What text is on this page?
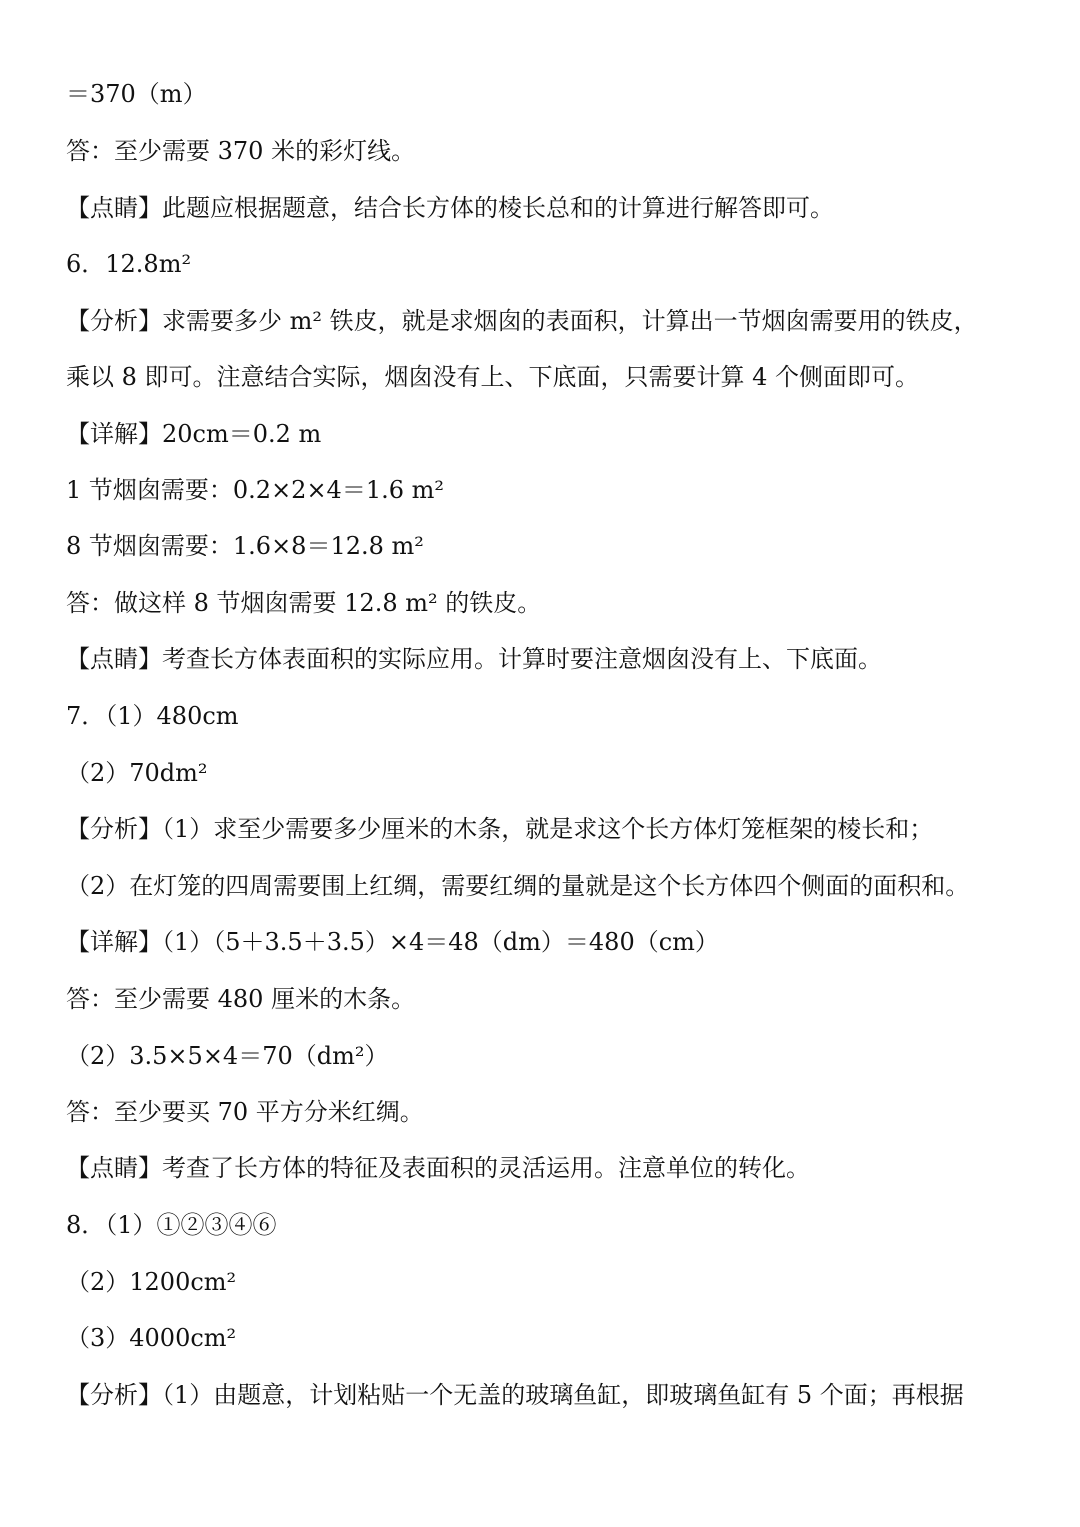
＝370（m）
答：至少需要 370 米的彩灯线。
【点睛】此题应根据题意，结合长方体的棱长总和的计算进行解答即可。
6．12.8m²
【分析】求需要多少 m² 铁皮，就是求烟囱的表面积，计算出一节烟囱需要用的铁皮，
乘以 8 即可。注意结合实际，烟囱没有上、下底面，只需要计算 4 个侧面即可。
【详解】20cm＝0.2 m
1 节烟囱需要：0.2×2×4＝1.6 m²
8 节烟囱需要：1.6×8＝12.8 m²
答：做这样 8 节烟囱需要 12.8 m² 的铁皮。
【点睛】考查长方体表面积的实际应用。计算时要注意烟囱没有上、下底面。
7．（1）480cm
（2）70dm²
【分析】（1）求至少需要多少厘米的木条，就是求这个长方体灯笼框架的棱长和；
（2）在灯笼的四周需要围上红绸，需要红绸的量就是这个长方体四个侧面的面积和。
【详解】（1）（5＋3.5＋3.5）×4＝48（dm）＝480（cm）
答：至少需要 480 厘米的木条。
（2）3.5×5×4＝70（dm²）
答：至少要买 70 平方分米红绸。
【点睛】考查了长方体的特征及表面积的灵活运用。注意单位的转化。
8．（1）①②③④⑥
（2）1200cm²
（3）4000cm²
【分析】（1）由题意，计划粘贴一个无盖的玻璃鱼缸，即玻璃鱼缸有 5 个面；再根据
